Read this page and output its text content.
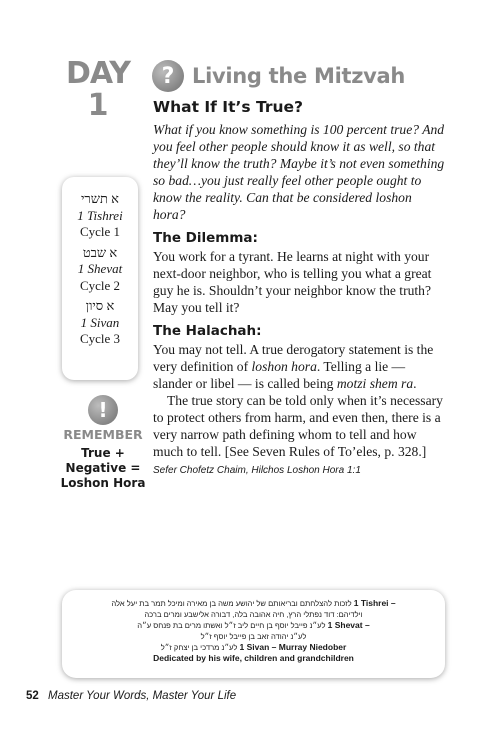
DAY
1
? Living the Mitzvah
What If It’s True?

What if you know something is 100 percent true? And you feel other people should know it as well, so that they’ll know the truth? Maybe it’s not even something so bad…you just really feel other people ought to know the reality. Can that be considered loshon hora?

The Dilemma:

You work for a tyrant. He learns at night with your next-door neighbor, who is telling you what a great guy he is. Shouldn’t your neighbor know the truth? May you tell it?

The Halachah:

You may not tell. A true derogatory statement is the very definition of loshon hora. Telling a lie — slander or libel — is called being motzi shem ra.

The true story can be told only when it’s necessary to protect others from harm, and even then, there is a very narrow path defining whom to tell and how much to tell. [See Seven Rules of To’eles, p. 328.]

Sefer Chofetz Chaim, Hilchos Loshon Hora 1:1

א תשרי
1 Tishrei
Cycle 1
א שבט
1 Shevat
Cycle 2
א סיון
1 Sivan
Cycle 3
!
REMEMBER
True +
Negative =
Loshon Hora
לזכות להצלחתם ובריאותם של יהושע משה בן מאירה ומיכל תמר בת יעל אלה 1 Tishrei –
וילדיהם: דוד נפתלי הרץ, חיה אהובה בלה, דבורה אלישבע ומרים ברכה
לע״נ פייבל יוסף בן חיים ליב ז״ל ואשתו מרים בת פנחס ע״ה 1 Shevat –
לע״נ יהודה זאב בן פייבל יוסף ז״ל
לע״נ מרדכי בן יצחק ז״ל 1 Sivan – Murray Niedober
Dedicated by his wife, children and grandchildren
52 Master Your Words, Master Your Life
